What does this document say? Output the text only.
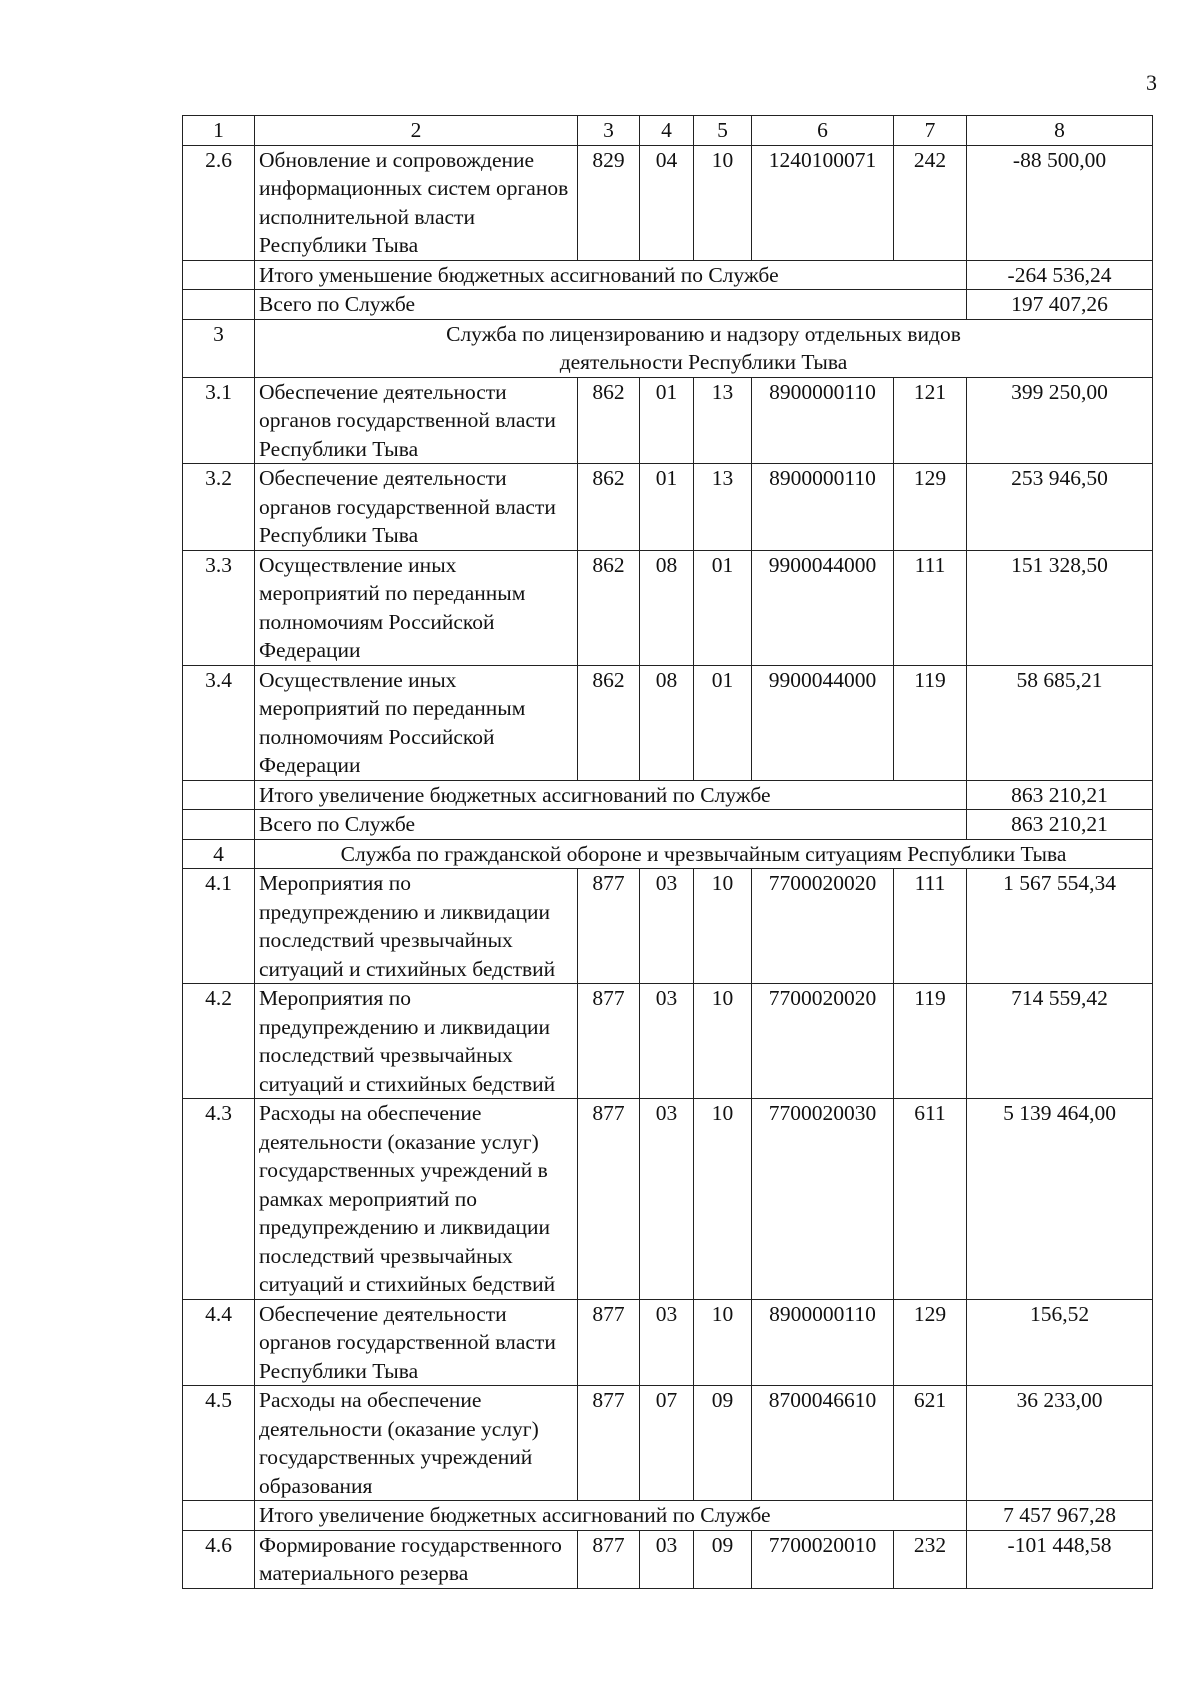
3
1	2	3	4	5	6	7	8
2.6	Обновление и сопровождение информационных систем органов исполнительной власти Республики Тыва	829	04	10	1240100071	242	-88 500,00
	Итого уменьшение бюджетных ассигнований по Службе						-264 536,24
	Всего по Службе						197 407,26
3	Служба по лицензированию и надзору отдельных видов деятельности Республики Тыва						
3.1	Обеспечение деятельности органов государственной власти Республики Тыва	862	01	13	8900000110	121	399 250,00
3.2	Обеспечение деятельности органов государственной власти Республики Тыва	862	01	13	8900000110	129	253 946,50
3.3	Осуществление иных мероприятий по переданным полномочиям Российской Федерации	862	08	01	9900044000	111	151 328,50
3.4	Осуществление иных мероприятий по переданным полномочиям Российской Федерации	862	08	01	9900044000	119	58 685,21
	Итого увеличение бюджетных ассигнований по Службе						863 210,21
	Всего по Службе						863 210,21
4	Служба по гражданской обороне и чрезвычайным ситуациям Республики Тыва						
4.1	Мероприятия по предупреждению и ликвидации последствий чрезвычайных ситуаций и стихийных бедствий	877	03	10	7700020020	111	1 567 554,34
4.2	Мероприятия по предупреждению и ликвидации последствий чрезвычайных ситуаций и стихийных бедствий	877	03	10	7700020020	119	714 559,42
4.3	Расходы на обеспечение деятельности (оказание услуг) государственных учреждений в рамках мероприятий по предупреждению и ликвидации последствий чрезвычайных ситуаций и стихийных бедствий	877	03	10	7700020030	611	5 139 464,00
4.4	Обеспечение деятельности органов государственной власти Республики Тыва	877	03	10	8900000110	129	156,52
4.5	Расходы на обеспечение деятельности (оказание услуг) государственных учреждений образования	877	07	09	8700046610	621	36 233,00
	Итого увеличение бюджетных ассигнований по Службе						7 457 967,28
4.6	Формирование государственного материального резерва	877	03	09	7700020010	232	-101 448,58
